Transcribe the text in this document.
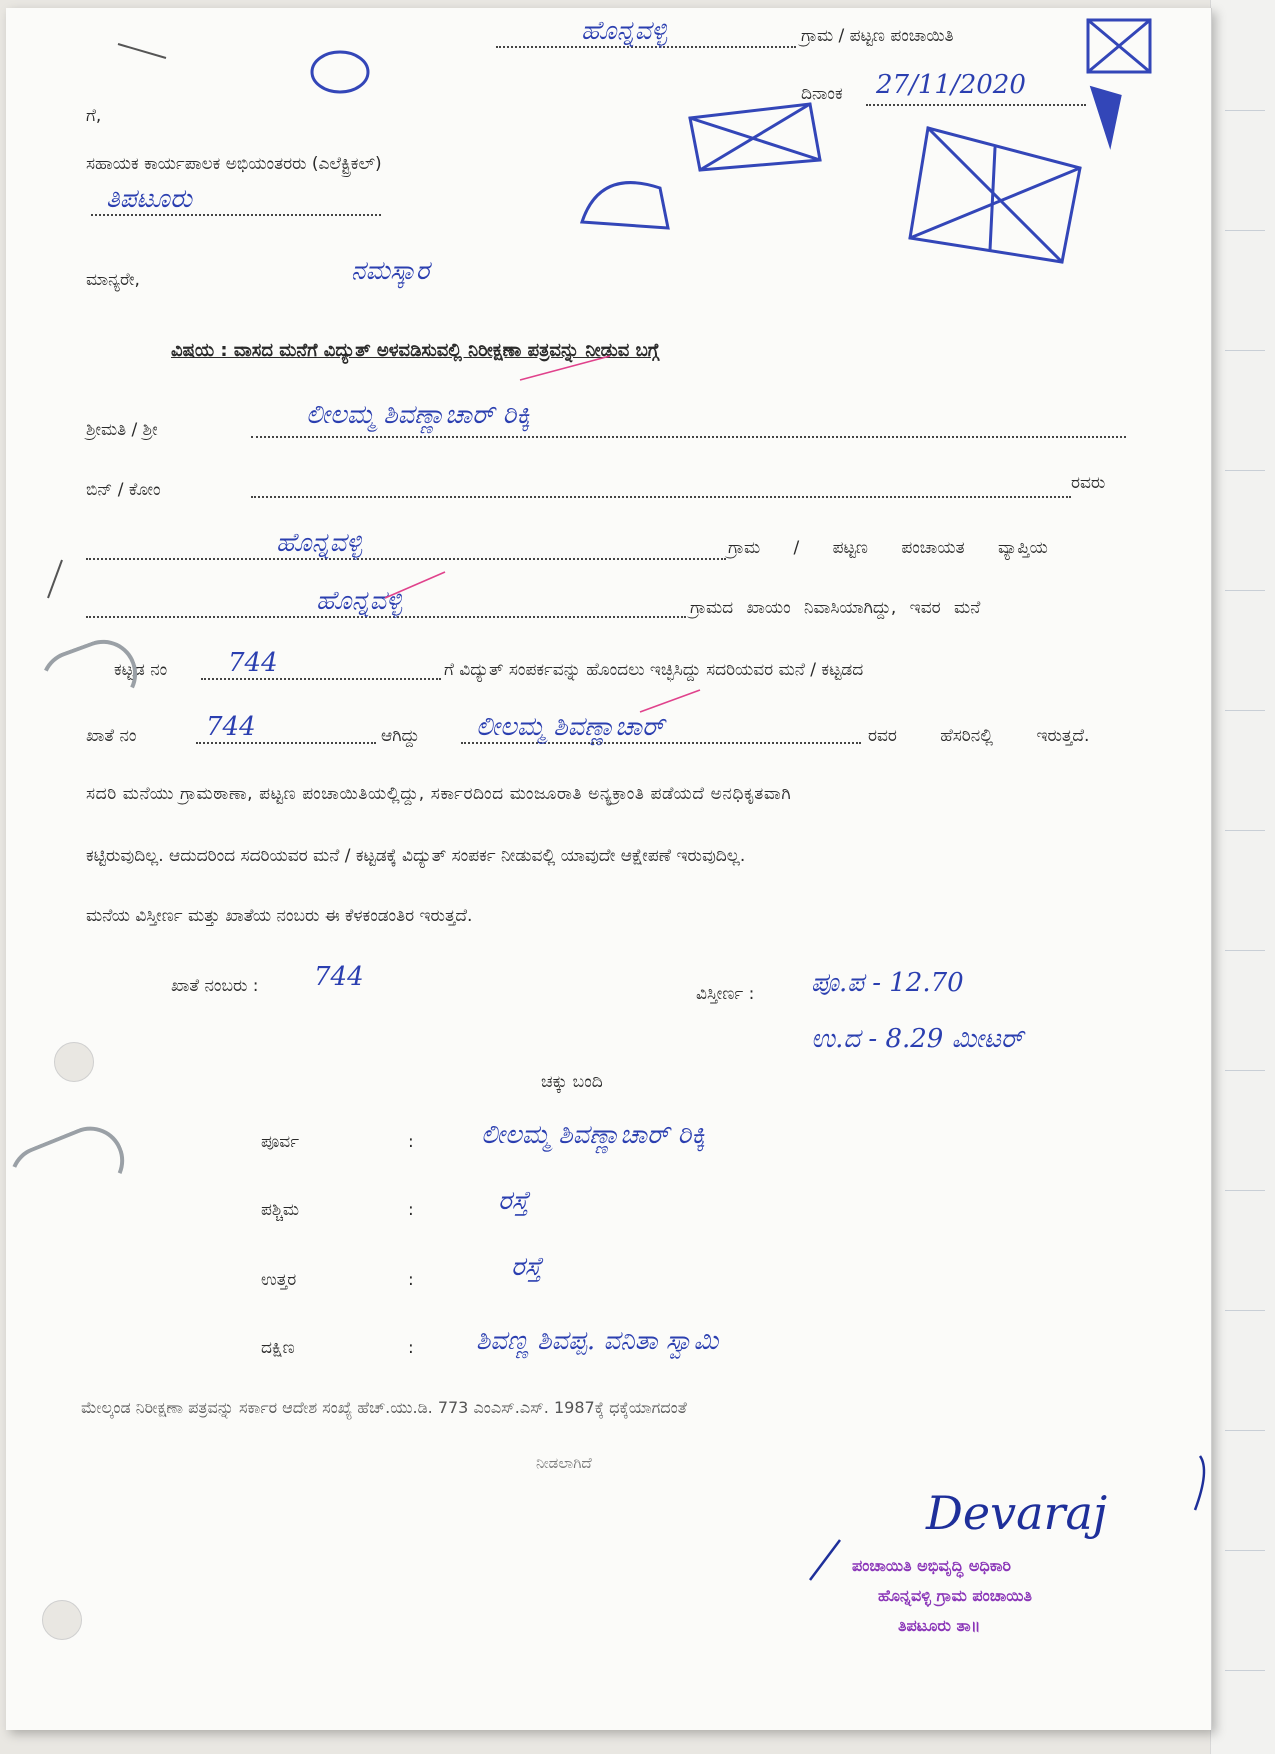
ಹೊನ್ನವಳ್ಳಿ	ಗ್ರಾಮ / ಪಟ್ಟಣ ಪಂಚಾಯಿತಿ
ದಿನಾಂಕ 27/11/2020
ಗೆ,
ಸಹಾಯಕ ಕಾರ್ಯಪಾಲಕ ಅಭಿಯಂತರರು (ಎಲೆಕ್ಟ್ರಿಕಲ್)
ತಿಪಟೂರು
ಮಾನ್ಯರೇ,	ನಮಸ್ಕಾರ
ವಿಷಯ : ವಾಸದ ಮನೆಗೆ ವಿದ್ಯುತ್ ಅಳವಡಿಸುವಲ್ಲಿ ನಿರೀಕ್ಷಣಾ ಪತ್ರವನ್ನು ನೀಡುವ ಬಗ್ಗೆ
ಶ್ರೀಮತಿ / ಶ್ರೀ	ಲೀಲಮ್ಮ ಶಿವಣ್ಣಾಚಾರ್ ರಿಕ್ಕಿ
ಬಿನ್ / ಕೋಂ	ರವರು
ಹೊನ್ನವಳ್ಳಿ	ಗ್ರಾಮ / ಪಟ್ಟಣ ಪಂಚಾಯತ ವ್ಯಾಪ್ತಿಯ
ಹೊನ್ನವಳ್ಳಿ	ಗ್ರಾಮದ ಖಾಯಂ ನಿವಾಸಿಯಾಗಿದ್ದು, ಇವರ ಮನೆ
ಕಟ್ಟಡ ನಂ 744	ಗೆ ವಿದ್ಯುತ್ ಸಂಪರ್ಕವನ್ನು ಹೊಂದಲು ಇಚ್ಛಿಸಿದ್ದು ಸದರಿಯವರ ಮನೆ / ಕಟ್ಟಡದ
ಖಾತೆ ನಂ	744	ಆಗಿದ್ದು ಲೀಲಮ್ಮ ಶಿವಣ್ಣಾಚಾರ್	ರವರ ಹೆಸರಿನಲ್ಲಿ ಇರುತ್ತದೆ.
ಸದರಿ ಮನೆಯು ಗ್ರಾಮಠಾಣಾ, ಪಟ್ಟಣ ಪಂಚಾಯಿತಿಯಲ್ಲಿದ್ದು, ಸರ್ಕಾರದಿಂದ ಮಂಜೂರಾತಿ ಅನ್ಯಕ್ರಾಂತಿ ಪಡೆಯದೆ ಅನಧಿಕೃತವಾಗಿ
ಕಟ್ಟಿರುವುದಿಲ್ಲ. ಆದುದರಿಂದ ಸದರಿಯವರ ಮನೆ / ಕಟ್ಟಡಕ್ಕೆ ವಿದ್ಯುತ್ ಸಂಪರ್ಕ ನೀಡುವಲ್ಲಿ ಯಾವುದೇ ಆಕ್ಷೇಪಣೆ ಇರುವುದಿಲ್ಲ.
ಮನೆಯ ವಿಸ್ತೀರ್ಣ ಮತ್ತು ಖಾತೆಯ ನಂಬರು ಈ ಕೆಳಕಂಡಂತಿರ ಇರುತ್ತದೆ.
ಖಾತೆ ನಂಬರು : 744
ವಿಸ್ತೀರ್ಣ : ಪೂ.ಪ - 12.70
ಉ.ದ - 8.29 ಮೀಟರ್
ಚಕ್ಕು ಬಂದಿ
ಪೂರ್ವ	:	ಲೀಲಮ್ಮ ಶಿವಣ್ಣಾಚಾರ್ ರಿಕ್ಕಿ
ಪಶ್ಚಿಮ	:	ರಸ್ತೆ
ಉತ್ತರ	:	ರಸ್ತೆ
ದಕ್ಷಿಣ	: ಶಿವಣ್ಣ ಶಿವಪ್ಪ. ವನಿತಾ ಸ್ವಾಮಿ
ಮೇಲ್ಕಂಡ ನಿರೀಕ್ಷಣಾ ಪತ್ರವನ್ನು ಸರ್ಕಾರ ಆದೇಶ ಸಂಖ್ಯೆ ಹೆಚ್.ಯು.ಡಿ. 773 ಎಂಎಸ್.ಎಸ್. 1987ಕ್ಕೆ ಧಕ್ಕೆಯಾಗದಂತೆ
ನೀಡಲಾಗಿದೆ
Devaraj
ಪಂಚಾಯಿತಿ ಅಭಿವೃದ್ಧಿ ಅಧಿಕಾರಿ
ಹೊನ್ನವಳ್ಳಿ ಗ್ರಾಮ ಪಂಚಾಯಿತಿ
ತಿಪಟೂರು ತಾ॥
